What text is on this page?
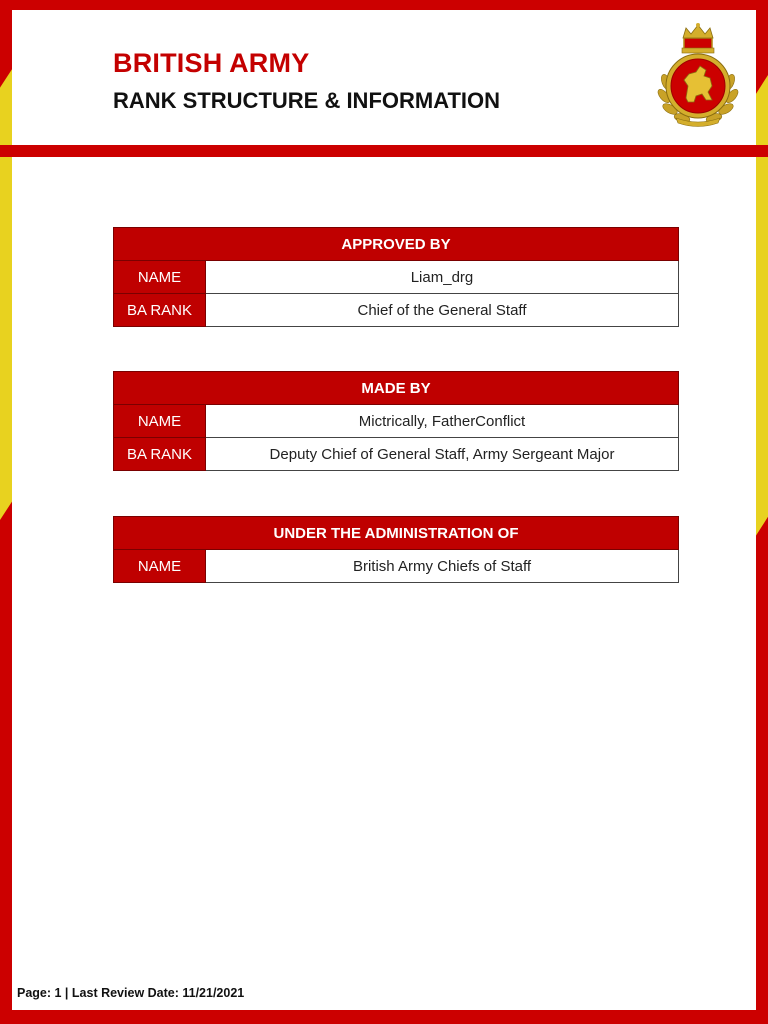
BRITISH ARMY
RANK STRUCTURE & INFORMATION
APPROVED BY	
NAME	Liam_drg
BA RANK	Chief of the General Staff
MADE BY	
NAME	Mictrically, FatherConflict
BA RANK	Deputy Chief of General Staff, Army Sergeant Major
UNDER THE ADMINISTRATION OF
NAME	British Army Chiefs of Staff
Page: 1 | Last Review Date: 11/21/2021
